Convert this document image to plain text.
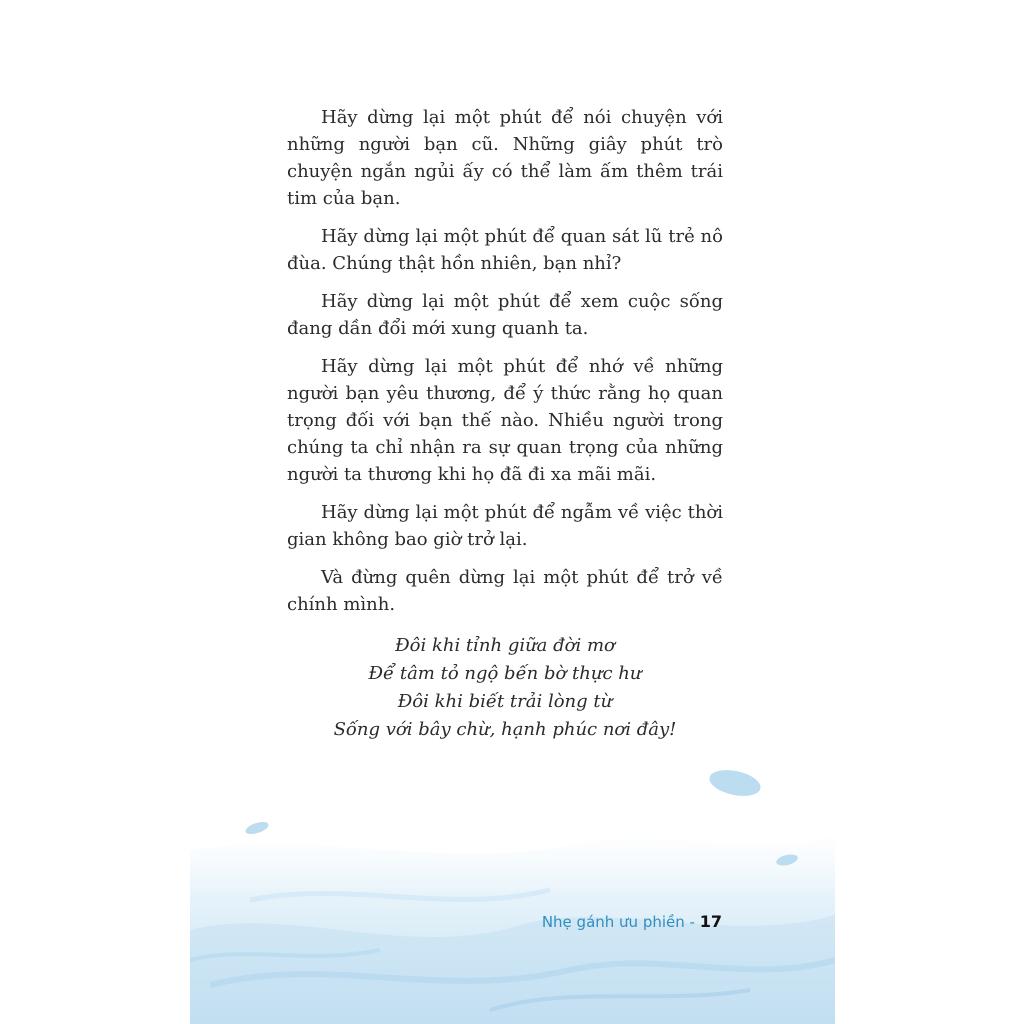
Hãy dừng lại một phút để nói chuyện với những người bạn cũ. Những giây phút trò chuyện ngắn ngủi ấy có thể làm ấm thêm trái tim của bạn.

Hãy dừng lại một phút để quan sát lũ trẻ nô đùa. Chúng thật hồn nhiên, bạn nhỉ?

Hãy dừng lại một phút để xem cuộc sống đang dần đổi mới xung quanh ta.

Hãy dừng lại một phút để nhớ về những người bạn yêu thương, để ý thức rằng họ quan trọng đối với bạn thế nào. Nhiều người trong chúng ta chỉ nhận ra sự quan trọng của những người ta thương khi họ đã đi xa mãi mãi.

Hãy dừng lại một phút để ngẫm về việc thời gian không bao giờ trở lại.

Và đừng quên dừng lại một phút để trở về chính mình.

Đôi khi tỉnh giữa đời mơ
Để tâm tỏ ngộ bến bờ thực hư
Đôi khi biết trải lòng từ
Sống với bây chừ, hạnh phúc nơi đây!
Nhẹ gánh ưu phiền - 17
